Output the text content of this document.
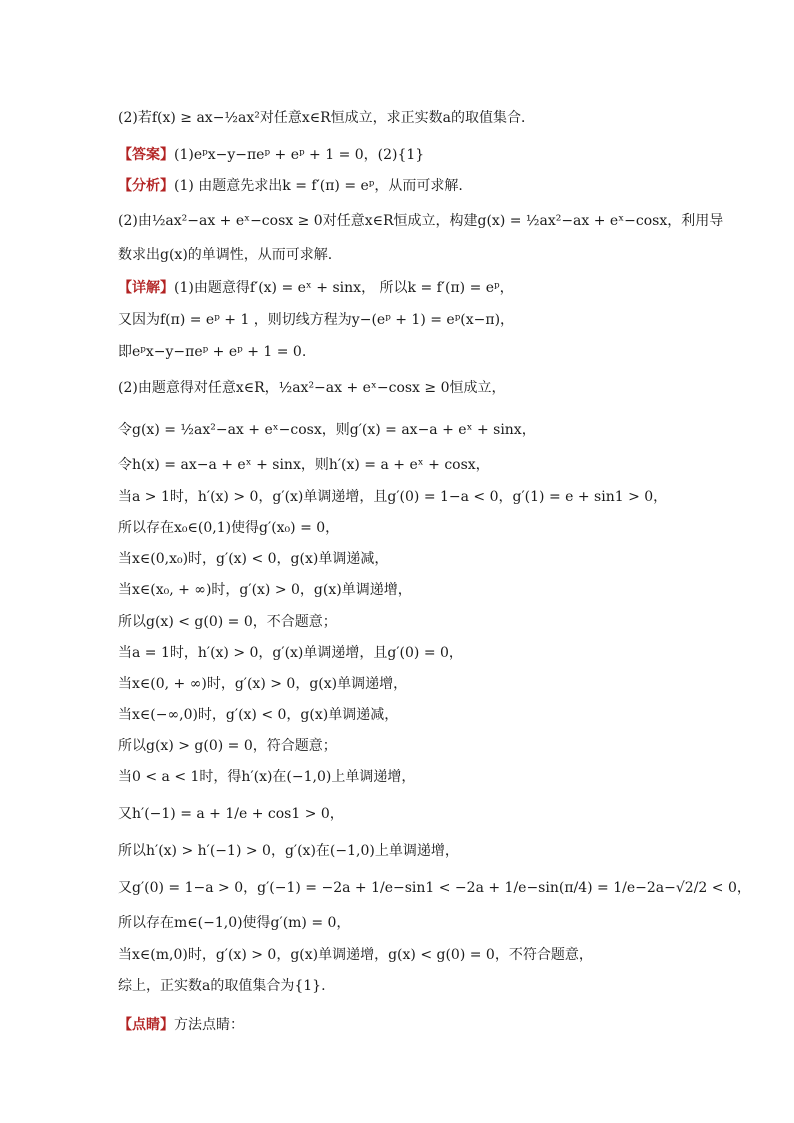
(2)若f(x) ≥ ax−½ax²对任意x∈R恒成立，求正实数a的取值集合．
【答案】(1)eᵖx−y−πeᵖ + eᵖ + 1 = 0，(2){1}
【分析】(1) 由题意先求出k = f′(π) = eᵖ，从而可求解.
(2)由½ax²−ax + eˣ−cosx ≥ 0对任意x∈R恒成立，构建g(x) = ½ax²−ax + eˣ−cosx，利用导
数求出g(x)的单调性，从而可求解.
【详解】(1)由题意得f′(x) = eˣ + sinx， 所以k = f′(π) = eᵖ，
又因为f(π) = eᵖ + 1 ，则切线方程为y−(eᵖ + 1) = eᵖ(x−π)，
即eᵖx−y−πeᵖ + eᵖ + 1 = 0.
(2)由题意得对任意x∈R，½ax²−ax + eˣ−cosx ≥ 0恒成立，
令g(x) = ½ax²−ax + eˣ−cosx，则g′(x) = ax−a + eˣ + sinx，
令h(x) = ax−a + eˣ + sinx，则h′(x) = a + eˣ + cosx，
当a > 1时，h′(x) > 0，g′(x)单调递增，且g′(0) = 1−a < 0，g′(1) = e + sin1 > 0，
所以存在x₀∈(0,1)使得g′(x₀) = 0，
当x∈(0,x₀)时，g′(x) < 0，g(x)单调递减，
当x∈(x₀, + ∞)时，g′(x) > 0，g(x)单调递增，
所以g(x) < g(0) = 0，不合题意；
当a = 1时，h′(x) > 0，g′(x)单调递增，且g′(0) = 0，
当x∈(0, + ∞)时，g′(x) > 0，g(x)单调递增，
当x∈(−∞,0)时，g′(x) < 0，g(x)单调递减，
所以g(x) > g(0) = 0，符合题意；
当0 < a < 1时，得h′(x)在(−1,0)上单调递增，
又h′(−1) = a + 1/e + cos1 > 0，
所以h′(x) > h′(−1) > 0，g′(x)在(−1,0)上单调递增，
又g′(0) = 1−a > 0，g′(−1) = −2a + 1/e−sin1 < −2a + 1/e−sin(π/4) = 1/e−2a−√2/2 < 0，
所以存在m∈(−1,0)使得g′(m) = 0，
当x∈(m,0)时，g′(x) > 0，g(x)单调递增，g(x) < g(0) = 0，不符合题意，
综上，正实数a的取值集合为{1}.
【点睛】方法点睛：
